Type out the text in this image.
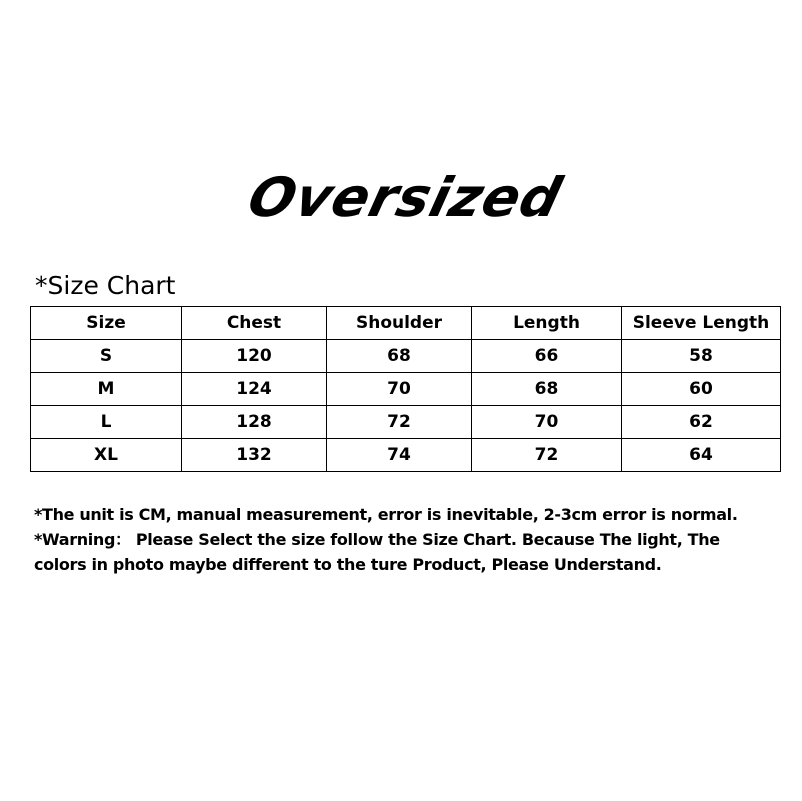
Oversized
*Size Chart
Size	Chest	Shoulder	Length	Sleeve Length
S	120	68	66	58
M	124	70	68	60
L	128	72	70	62
XL	132	74	72	64
*The unit is CM, manual measurement, error is inevitable, 2-3cm error is normal.
*Warning： Please Select the size follow the Size Chart. Because The light, The
colors in photo maybe different to the ture Product, Please Understand.
